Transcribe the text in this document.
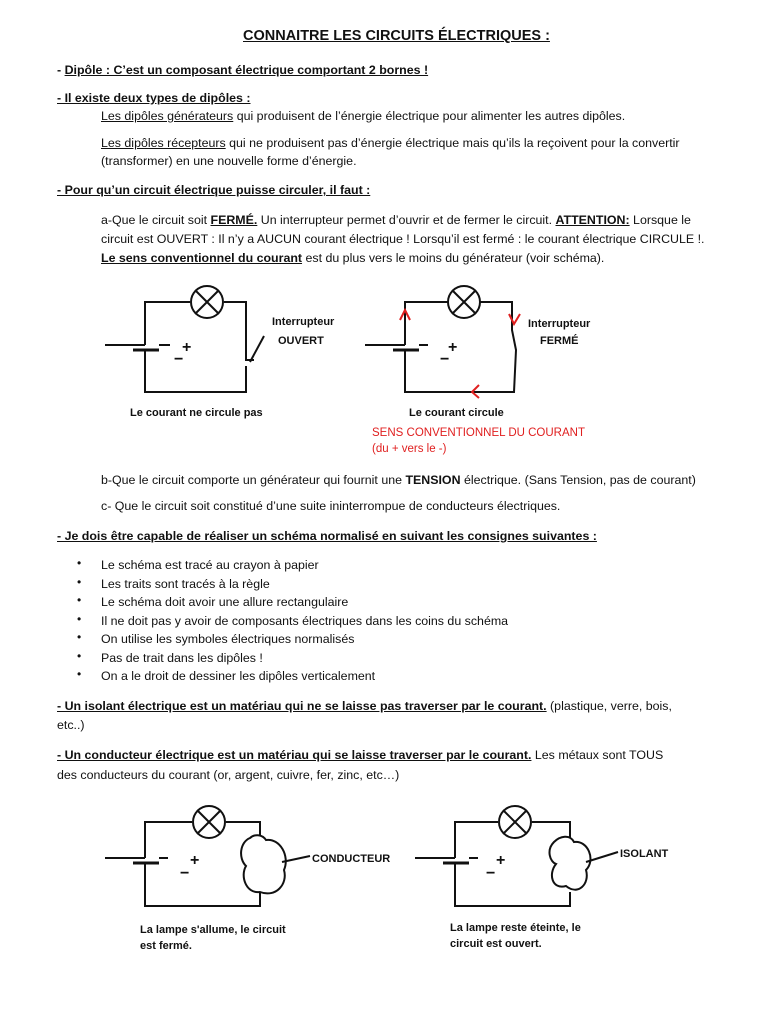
CONNAITRE LES CIRCUITS ÉLECTRIQUES :
- Dipôle : C’est un composant électrique comportant 2 bornes !
- Il existe deux types de dipôles :
Les dipôles générateurs qui produisent de l’énergie électrique pour alimenter les autres dipôles.
Les dipôles récepteurs qui ne produisent pas d’énergie électrique mais qu’ils la reçoivent pour la convertir
(transformer) en une nouvelle forme d’énergie.
- Pour qu’un circuit électrique puisse circuler, il faut :
a-Que le circuit soit FERMÉ. Un interrupteur permet d’ouvrir et de fermer le circuit. ATTENTION: Lorsque le
circuit est OUVERT : Il n’y a AUCUN courant électrique ! Lorsqu’il est fermé : le courant électrique CIRCULE !.
Le sens conventionnel du courant est du plus vers le moins du générateur (voir schéma).
Interrupteur
OUVERT
+
−
Le courant ne circule pas
Interrupteur
FERMÉ
+
−
Le courant circule
SENS CONVENTIONNEL DU COURANT
(du + vers le -)
b-Que le circuit comporte un générateur qui fournit une TENSION électrique. (Sans Tension, pas de courant)
c- Que le circuit soit constitué d’une suite ininterrompue de conducteurs électriques.
- Je dois être capable de réaliser un schéma normalisé en suivant les consignes suivantes :
• Le schéma est tracé au crayon à papier
• Les traits sont tracés à la règle
• Le schéma doit avoir une allure rectangulaire
• Il ne doit pas y avoir de composants électriques dans les coins du schéma
• On utilise les symboles électriques normalisés
• Pas de trait dans les dipôles !
• On a le droit de dessiner les dipôles verticalement
- Un isolant électrique est un matériau qui ne se laisse pas traverser par le courant. (plastique, verre, bois,
etc..)
- Un conducteur électrique est un matériau qui se laisse traverser par le courant. Les métaux sont TOUS
des conducteurs du courant (or, argent, cuivre, fer, zinc, etc…)
CONDUCTEUR
+
−
La lampe s'allume, le circuit
est fermé.
ISOLANT
+
−
La lampe reste éteinte, le
circuit est ouvert.
